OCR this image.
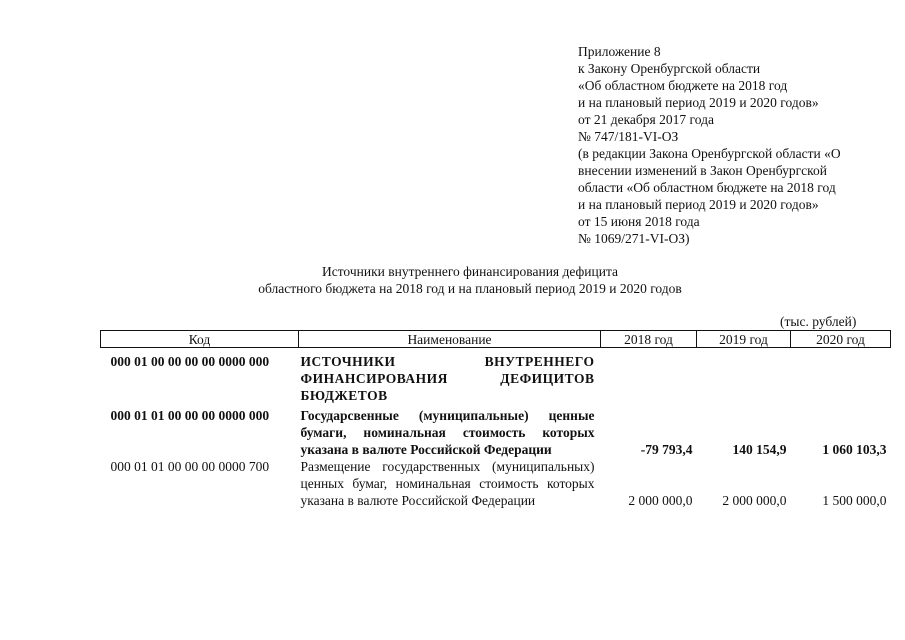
Приложение 8
к Закону Оренбургской области
«Об областном бюджете на 2018 год
и на плановый период 2019 и 2020 годов»
от 21 декабря 2017 года
№ 747/181-VI-ОЗ
(в редакции Закона Оренбургской области «О
внесении изменений в Закон Оренбургской
области «Об областном бюджете на 2018 год
и на плановый период 2019 и 2020 годов»
от 15 июня 2018 года
№ 1069/271-VI-ОЗ)
Источники внутреннего финансирования дефицита
областного бюджета на 2018 год и на плановый период 2019 и 2020 годов
(тыс. рублей)
Код	Наименование	2018 год	2019 год	2020 год
000 01 00 00 00 00 0000 000	ИСТОЧНИКИ ВНУТРЕННЕГО ФИНАНСИРОВАНИЯ ДЕФИЦИТОВ БЮДЖЕТОВ			
000 01 01 00 00 00 0000 000	Государсвенные (муниципальные) ценные бумаги, номинальная стоимость которых указана в валюте Российской Федерации	-79 793,4	140 154,9	1 060 103,3
000 01 01 00 00 00 0000 700	Размещение государственных (муниципальных) ценных бумаг, номинальная стоимость которых указана в валюте Российской Федерации	2 000 000,0	2 000 000,0	1 500 000,0
